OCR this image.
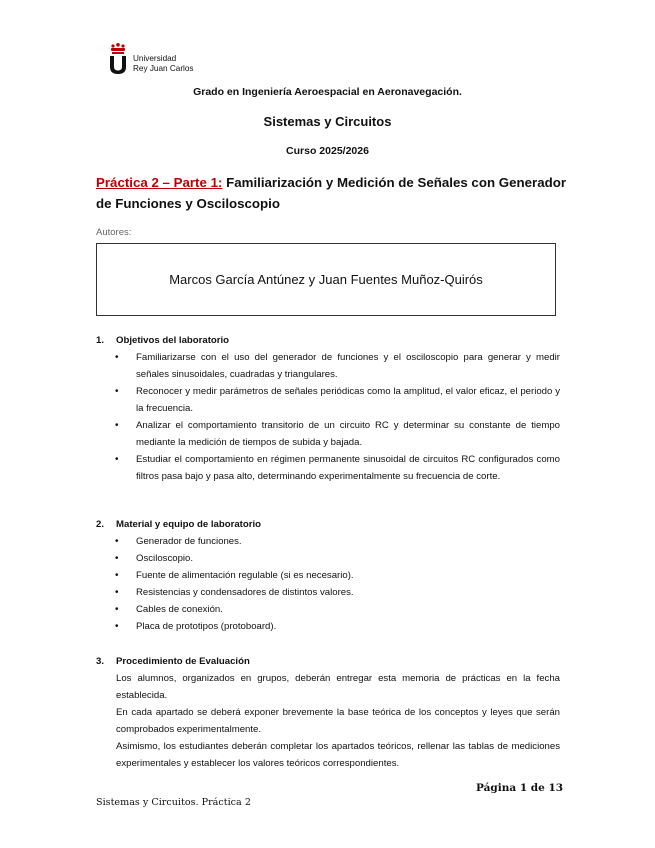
Universidad
Rey Juan Carlos
Grado en Ingeniería Aeroespacial en Aeronavegación.
Sistemas y Circuitos
Curso 2025/2026
Práctica 2 – Parte 1: Familiarización y Medición de Señales con Generador de Funciones y Osciloscopio
Autores:
Marcos García Antúnez y Juan Fuentes Muñoz-Quirós
1.	Objetivos del laboratorio
• Familiarizarse con el uso del generador de funciones y el osciloscopio para generar y medir señales sinusoidales, cuadradas y triangulares.
• Reconocer y medir parámetros de señales periódicas como la amplitud, el valor eficaz, el periodo y la frecuencia.
• Analizar el comportamiento transitorio de un circuito RC y determinar su constante de tiempo mediante la medición de tiempos de subida y bajada.
• Estudiar el comportamiento en régimen permanente sinusoidal de circuitos RC configurados como filtros pasa bajo y pasa alto, determinando experimentalmente su frecuencia de corte.
2.	Material y equipo de laboratorio
• Generador de funciones.
• Osciloscopio.
• Fuente de alimentación regulable (si es necesario).
• Resistencias y condensadores de distintos valores.
• Cables de conexión.
• Placa de prototipos (protoboard).
3.	Procedimiento de Evaluación
Los alumnos, organizados en grupos, deberán entregar esta memoria de prácticas en la fecha establecida.
En cada apartado se deberá exponer brevemente la base teórica de los conceptos y leyes que serán comprobados experimentalmente.
Asimismo, los estudiantes deberán completar los apartados teóricos, rellenar las tablas de mediciones experimentales y establecer los valores teóricos correspondientes.
Página 1 de 13
Sistemas y Circuitos. Práctica 2
